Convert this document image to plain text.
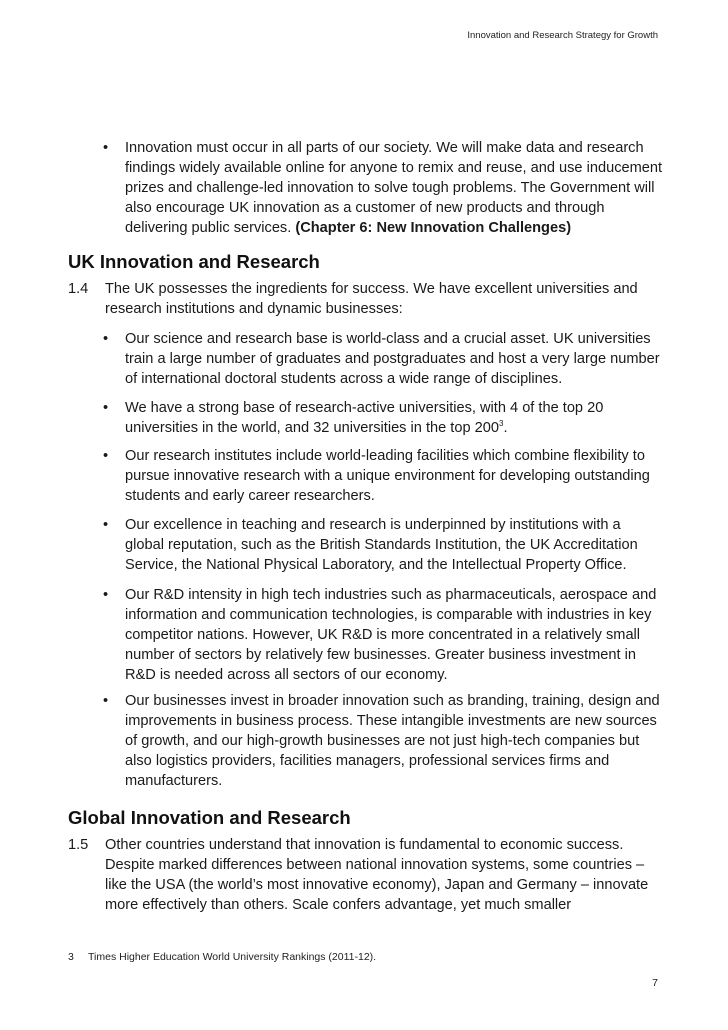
Innovation and Research Strategy for Growth
•	Innovation must occur in all parts of our society. We will make data and research findings widely available online for anyone to remix and reuse, and use inducement prizes and challenge-led innovation to solve tough problems. The Government will also encourage UK innovation as a customer of new products and through delivering public services. (Chapter 6: New Innovation Challenges)
UK Innovation and Research
1.4 The UK possesses the ingredients for success. We have excellent universities and research institutions and dynamic businesses:
•	Our science and research base is world-class and a crucial asset. UK universities train a large number of graduates and postgraduates and host a very large number of international doctoral students across a wide range of disciplines.
•	We have a strong base of research-active universities, with 4 of the top 20 universities in the world, and 32 universities in the top $200^3$.
•	Our research institutes include world-leading facilities which combine flexibility to pursue innovative research with a unique environment for developing outstanding students and early career researchers.
•	Our excellence in teaching and research is underpinned by institutions with a global reputation, such as the British Standards Institution, the UK Accreditation Service, the National Physical Laboratory, and the Intellectual Property Office.
•	Our R&D intensity in high tech industries such as pharmaceuticals, aerospace and information and communication technologies, is comparable with industries in key competitor nations. However, UK R&D is more concentrated in a relatively small number of sectors by relatively few businesses. Greater business investment in R&D is needed across all sectors of our economy.
•	Our businesses invest in broader innovation such as branding, training, design and improvements in business process. These intangible investments are new sources of growth, and our high-growth businesses are not just high-tech companies but also logistics providers, facilities managers, professional services firms and manufacturers.
Global Innovation and Research
1.5 Other countries understand that innovation is fundamental to economic success. Despite marked differences between national innovation systems, some countries – like the USA (the world’s most innovative economy), Japan and Germany – innovate more effectively than others. Scale confers advantage, yet much smaller
3 Times Higher Education World University Rankings (2011-12).
7
